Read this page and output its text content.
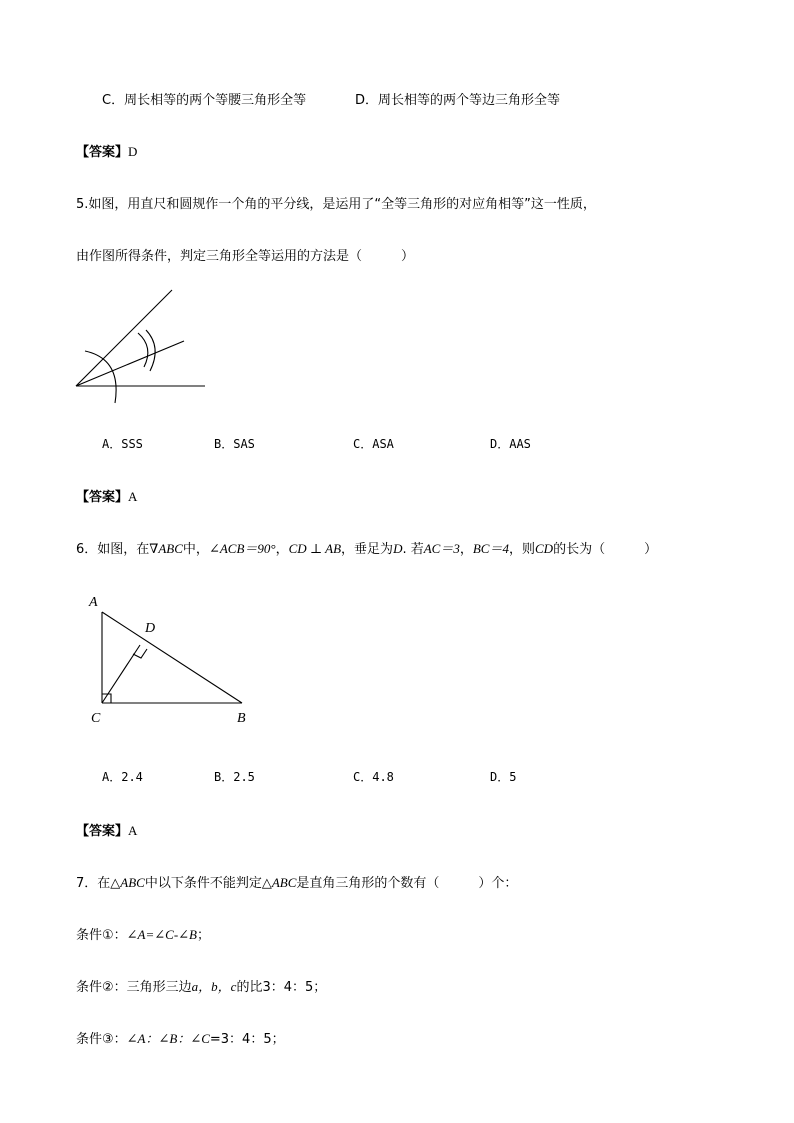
C．周长相等的两个等腰三角形全等	D．周长相等的两个等边三角形全等
【答案】D
5.如图，用直尺和圆规作一个角的平分线，是运用了“全等三角形的对应角相等”这一性质，
由作图所得条件，判定三角形全等运用的方法是（　　　）
A．SSS	B．SAS	C．ASA	D．AAS
【答案】A
6．如图，在∇ABC中，∠ACB＝90°，CD ⊥ AB，垂足为D. 若AC＝3，BC＝4，则CD的长为（　　　）
A
D
C	B
A．2.4	B．2.5	C．4.8	D．5
【答案】A
7．在△ABC中以下条件不能判定△ABC是直角三角形的个数有（　　　）个：
条件①：∠A=∠C-∠B；
条件②：三角形三边a，b，c的比3：4：5；
条件③：∠A：∠B：∠C=3：4：5；
